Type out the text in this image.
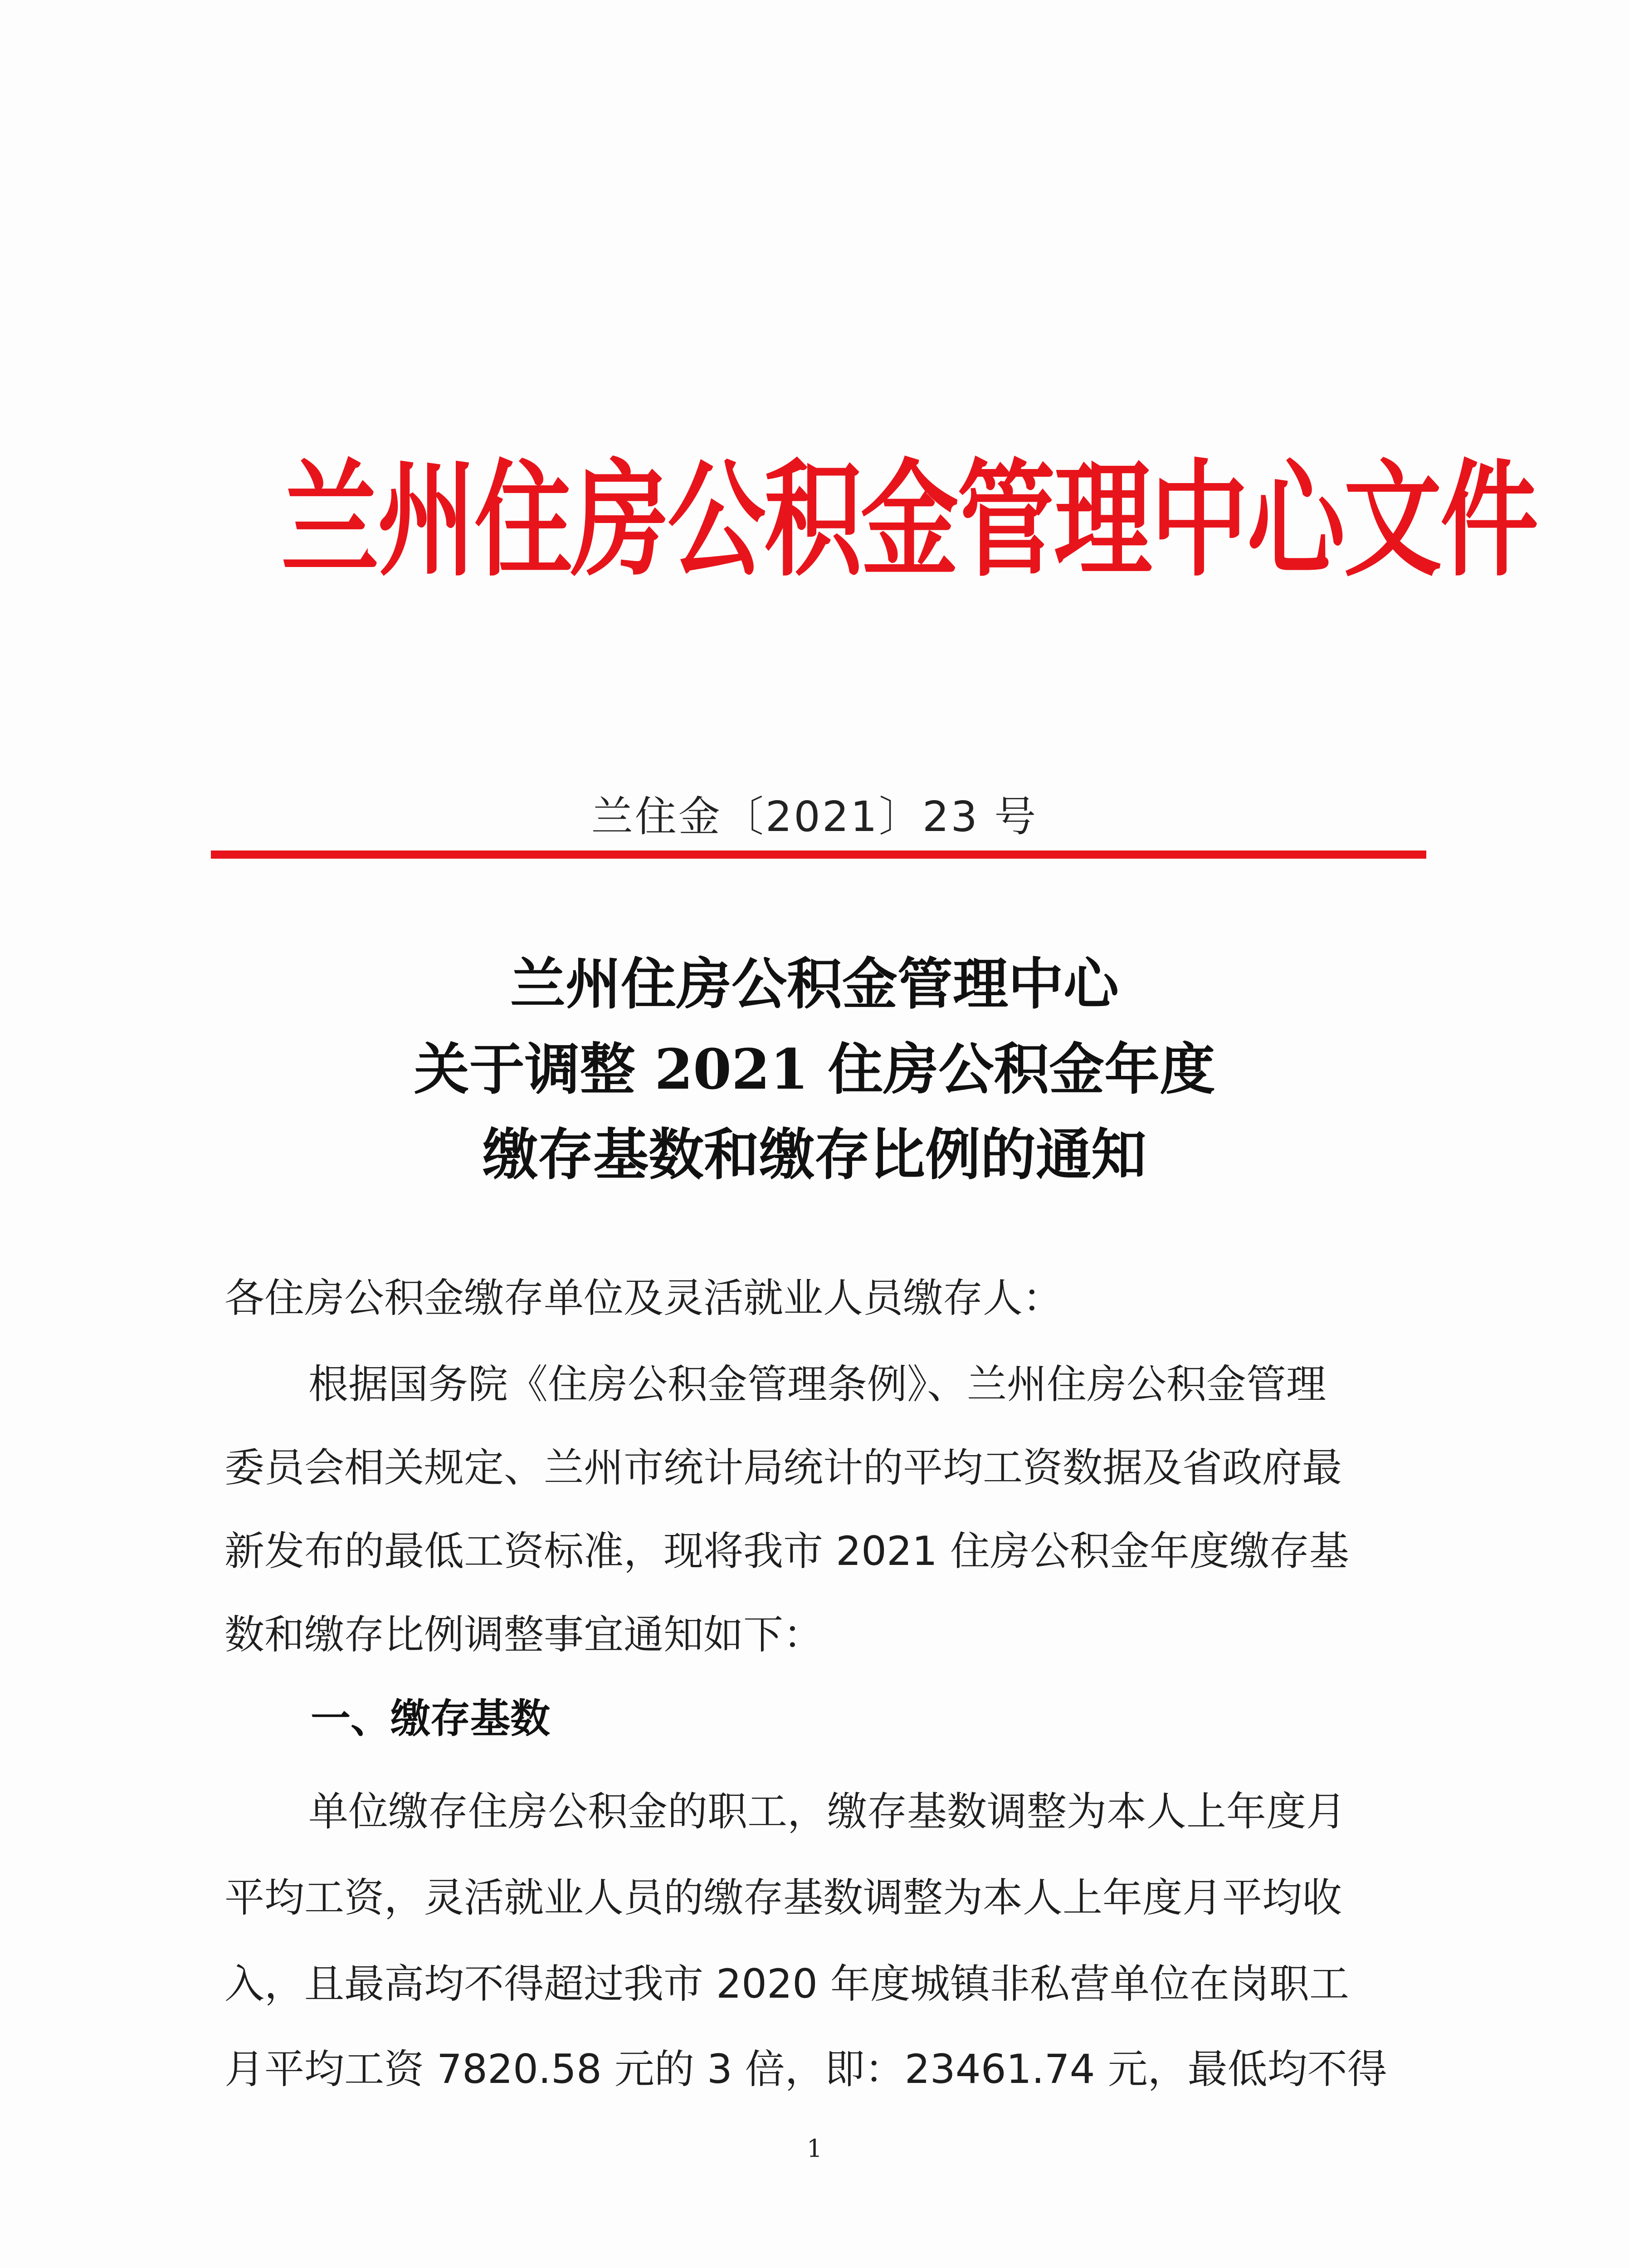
兰州住房公积金管理中心文件
兰住金〔2021〕23 号
兰州住房公积金管理中心
关于调整 2021 住房公积金年度
缴存基数和缴存比例的通知
各住房公积金缴存单位及灵活就业人员缴存人：
根据国务院《住房公积金管理条例》、兰州住房公积金管理
委员会相关规定、兰州市统计局统计的平均工资数据及省政府最
新发布的最低工资标准，现将我市 2021 住房公积金年度缴存基
数和缴存比例调整事宜通知如下：
一、缴存基数
单位缴存住房公积金的职工，缴存基数调整为本人上年度月
平均工资，灵活就业人员的缴存基数调整为本人上年度月平均收
入，且最高均不得超过我市 2020 年度城镇非私营单位在岗职工
月平均工资 7820.58 元的 3 倍，即：23461.74 元，最低均不得
1
